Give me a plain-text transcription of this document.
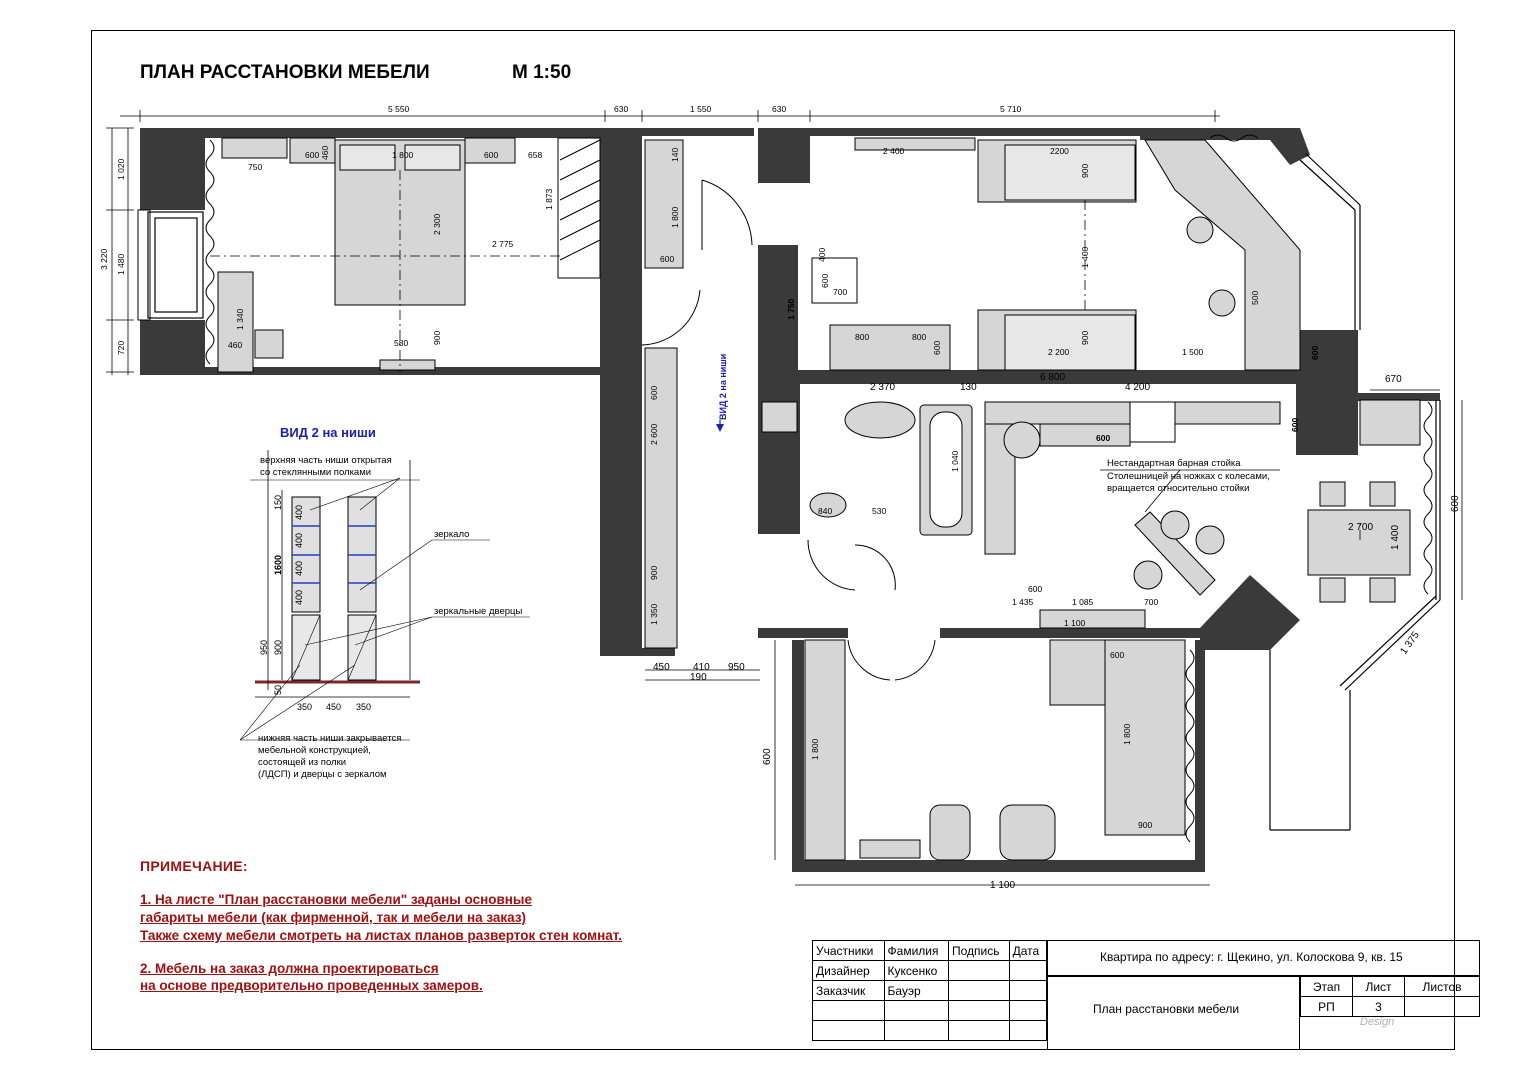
ПЛАН РАССТАНОВКИ МЕБЕЛИ	М 1:50
5 550	630	1 550	630	5 710
3 220
1 020
1 480
720
750
600 460	1 800	600	658
2 300
2 775
1 873
1 340
460	580	900
140
1 800
600	400
600
700
1 750
2 400	2200
900
1 400
900
2 200	1 500
800	800
600
500
600
2 370	130
6 800
4 200
600
600
670
600
2 700 1 400
840	530
1 040
600
1 435	1 085	700
1 100
1 375
600
2 600
900
1 350
450 410 950
190
1 800
600
600
1 800
900
1 100
ВИД 2 на ниши
Нестандартная барная стойка
Столешницей на ножках с колесами,
вращается относительно стойки
400
400
400
400
150
1600
950 900
50
350 450 350
верхняя часть ниши открытая
со стеклянными полками
зеркало
зеркальные дверцы
нижняя часть ниши закрывается
мебельной конструкцией,
состоящей из полки
(ЛДСП) и дверцы с зеркалом
ВИД 2 на ниши
ПРИМЕЧАНИЕ:
1. На листе "План расстановки мебели" заданы основные
габариты мебели (как фирменной, так и мебели на заказ)
Также схему мебели смотреть на листах планов разверток стен комнат.
2. Мебель на заказ должна проектироваться
на основе предворительно проведенных замеров.
Участники	Фамилия	Подпись	Дата
Дизайнер	Куксенко		
Заказчик	Бауэр		

Квартира по адресу: г. Щекино, ул. Колоскова 9, кв. 15
План расстановки мебели
Этап	Лист	Листов
РП	3	
Design
